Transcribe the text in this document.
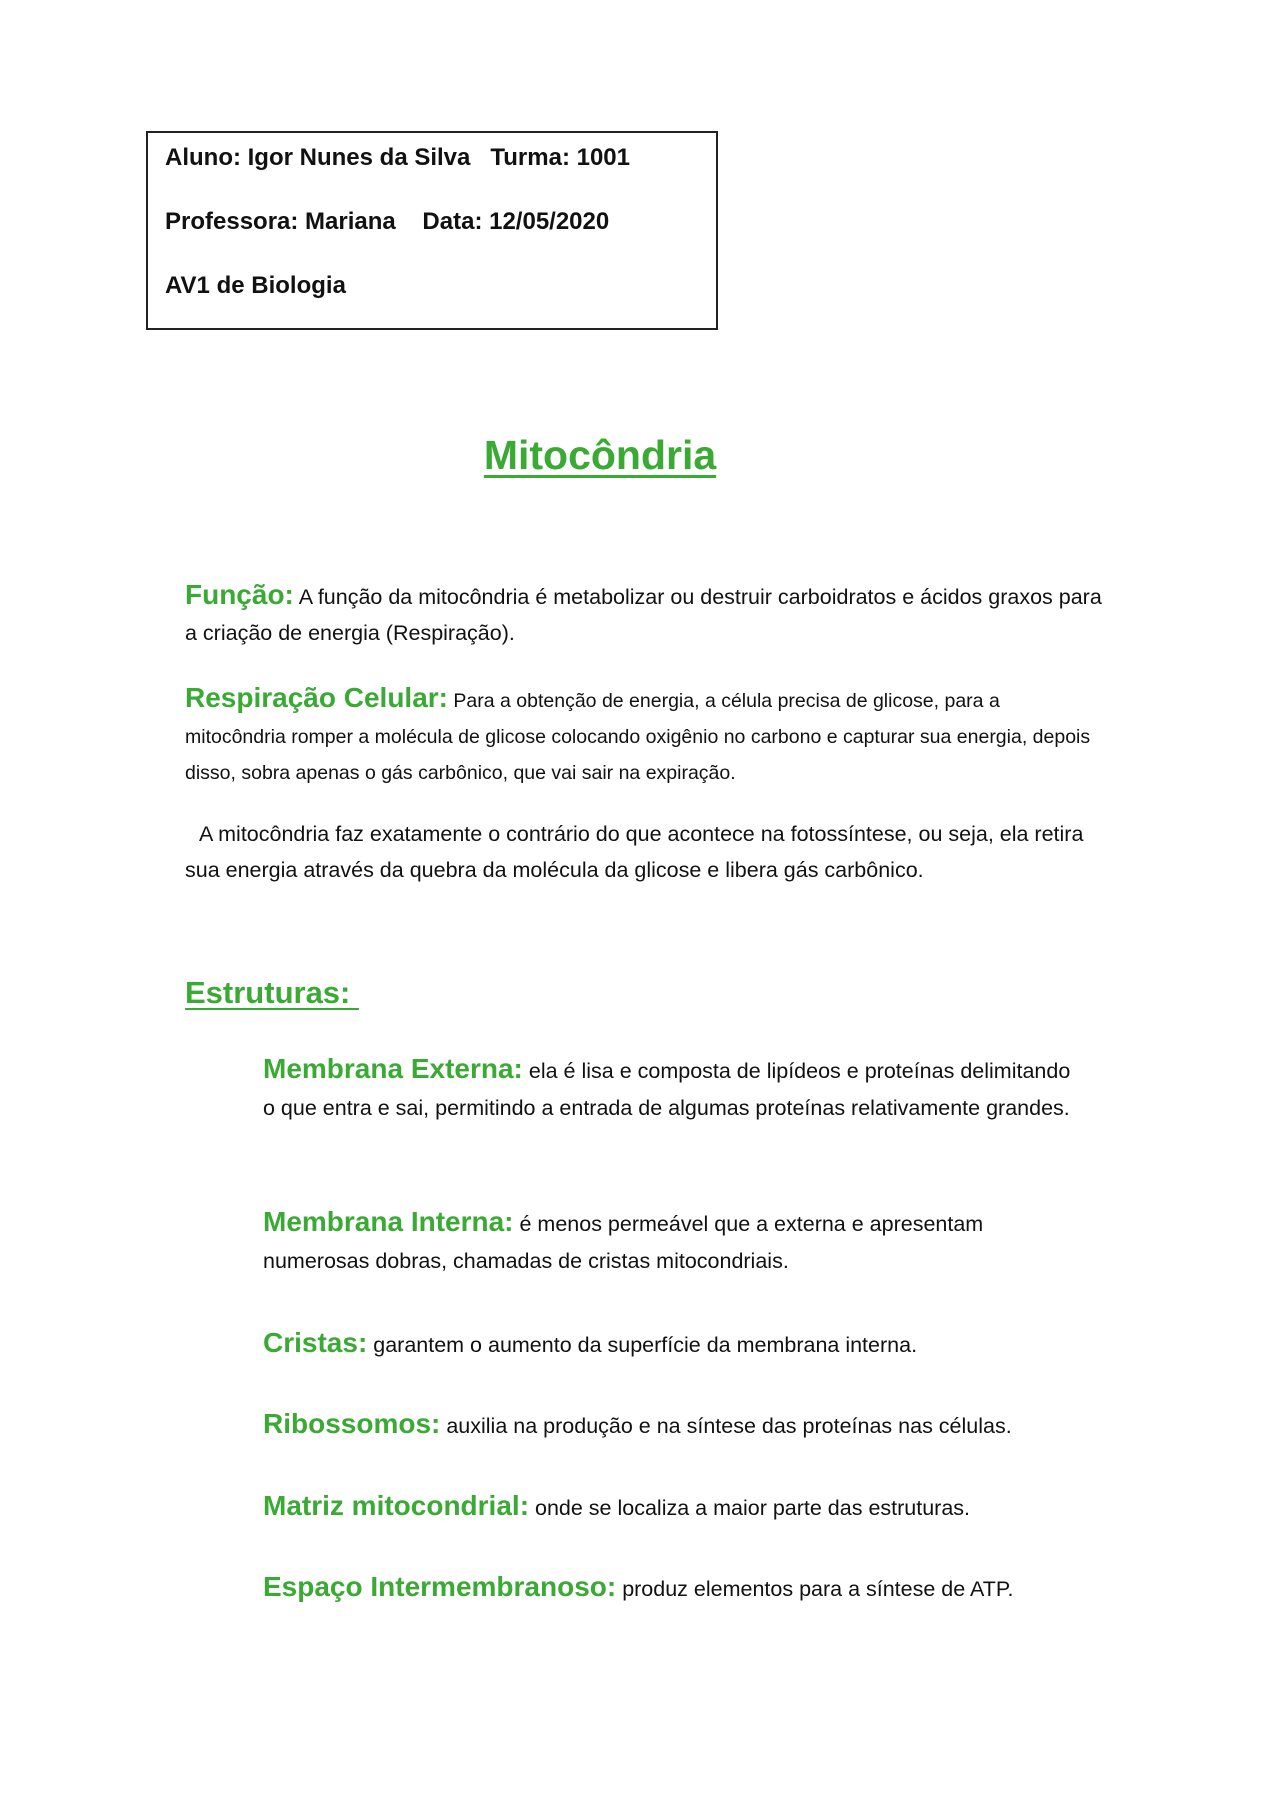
Aluno: Igor Nunes da Silva   Turma: 1001
Professora: Mariana    Data: 12/05/2020
AV1 de Biologia
Mitocôndria
Função: A função da mitocôndria é metabolizar ou destruir carboidratos e ácidos graxos para a criação de energia (Respiração).
Respiração Celular: Para a obtenção de energia, a célula precisa de glicose, para a mitocôndria romper a molécula de glicose colocando oxigênio no carbono e capturar sua energia, depois disso, sobra apenas o gás carbônico, que vai sair na expiração.
A mitocôndria faz exatamente o contrário do que acontece na fotossíntese, ou seja, ela retira sua energia através da quebra da molécula da glicose e libera gás carbônico.
Estruturas:
Membrana Externa: ela é lisa e composta de lipídeos e proteínas delimitando o que entra e sai, permitindo a entrada de algumas proteínas relativamente grandes.
Membrana Interna: é menos permeável que a externa e apresentam numerosas dobras, chamadas de cristas mitocondriais.
Cristas: garantem o aumento da superfície da membrana interna.
Ribossomos: auxilia na produção e na síntese das proteínas nas células.
Matriz mitocondrial: onde se localiza a maior parte das estruturas.
Espaço Intermembranoso: produz elementos para a síntese de ATP.
